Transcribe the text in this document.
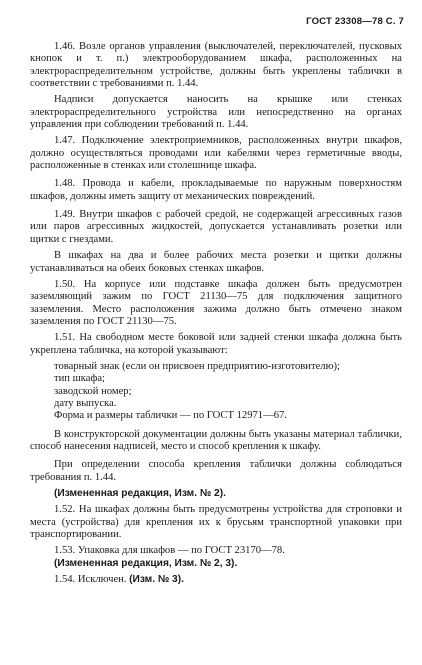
ГОСТ 23308—78 С. 7

1.46. Возле органов управления (выключателей, переключателей, пусковых кнопок и т. п.) электрооборудованием шкафа, расположенных на электрораспределительном устройстве, должны быть укреплены таблички в соответствии с требованиями п. 1.44.

Надписи допускается наносить на крышке или стенках электрораспределительного устройства или непосредственно на органах управления при соблюдении требований п. 1.44.

1.47. Подключение электроприемников, расположенных внутри шкафов, должно осуществляться проводами или кабелями через герметичные вводы, расположенные в стенках или столешнице шкафа.

1.48. Провода и кабели, прокладываемые по наружным поверхностям шкафов, должны иметь защиту от механических повреждений.

1.49. Внутри шкафов с рабочей средой, не содержащей агрессивных газов или паров агрессивных жидкостей, допускается устанавливать розетки или щитки с гнездами.

В шкафах на два и более рабочих места розетки и щитки должны устанавливаться на обеих боковых стенках шкафов.

1.50. На корпусе или подставке шкафа должен быть предусмотрен заземляющий зажим по ГОСТ 21130—75 для подключения защитного заземления. Место расположения зажима должно быть отмечено знаком заземления по ГОСТ 21130—75.

1.51. На свободном месте боковой или задней стенки шкафа должна быть укреплена табличка, на которой указывают:

товарный знак (если он присвоен предприятию-изготовителю);

тип шкафа;

заводской номер;

дату выпуска.

Форма и размеры таблички — по ГОСТ 12971—67.

В конструкторской документации должны быть указаны материал таблички, способ нанесения надписей, место и способ крепления к шкафу.

При определении способа крепления таблички должны соблюдаться требования п. 1.44.

(Измененная редакция, Изм. № 2).

1.52. На шкафах должны быть предусмотрены устройства для строповки и места (устройства) для крепления их к брусьям транспортной упаковки при транспортировании.

1.53. Упаковка для шкафов — по ГОСТ 23170—78.

(Измененная редакция, Изм. № 2, 3).

1.54. Исключен. (Изм. № 3).
